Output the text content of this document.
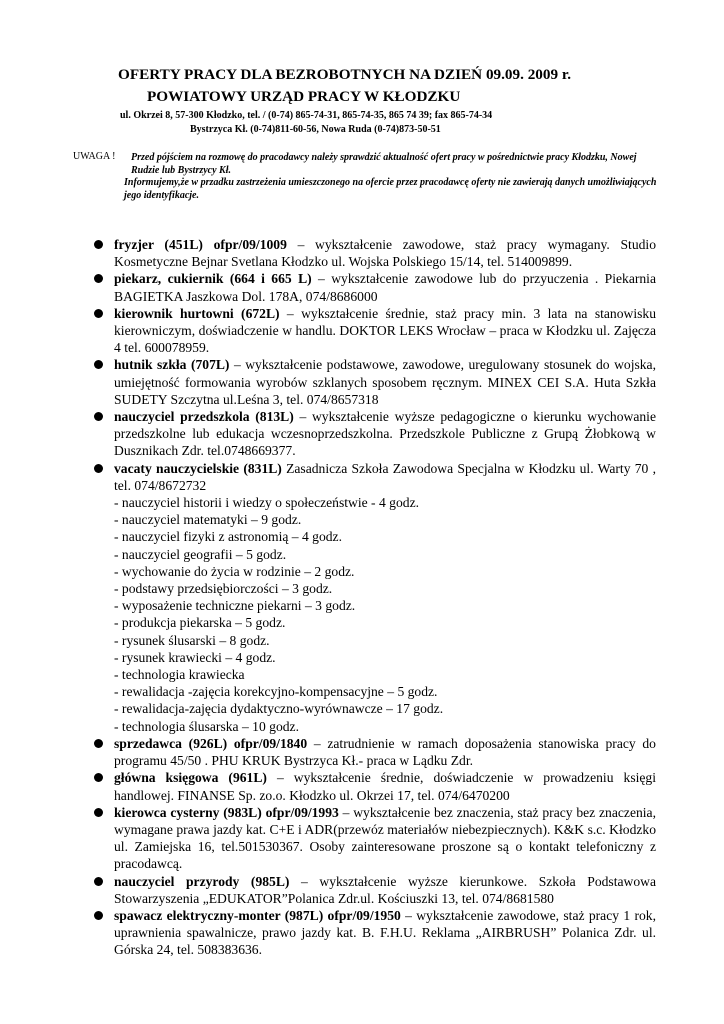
OFERTY PRACY DLA BEZROBOTNYCH NA DZIEŃ 09.09. 2009 r.
POWIATOWY URZĄD PRACY W KŁODZKU
ul. Okrzei 8, 57-300 Kłodzko, tel. / (0-74) 865-74-31, 865-74-35, 865 74 39; fax 865-74-34
Bystrzyca Kł. (0-74)811-60-56, Nowa Ruda (0-74)873-50-51
UWAGA ! Przed pójściem na rozmowę do pracodawcy należy sprawdzić aktualność ofert pracy w pośrednictwie pracy Kłodzku, Nowej Rudzie lub Bystrzycy Kł.
Informujemy,że w przadku zastrzeżenia umieszczonego na ofercie przez pracodawcę oferty nie zawierają danych umożliwiających jego identyfikacje.
fryzjer (451L) ofpr/09/1009 – wykształcenie zawodowe, staż pracy wymagany. Studio Kosmetyczne Bejnar Svetlana Kłodzko ul. Wojska Polskiego 15/14, tel. 514009899.
piekarz, cukiernik (664 i 665 L) – wykształcenie zawodowe lub do przyuczenia . Piekarnia BAGIETKA Jaszkowa Dol. 178A, 074/8686000
kierownik hurtowni (672L) – wykształcenie średnie, staż pracy min. 3 lata na stanowisku kierowniczym, doświadczenie w handlu. DOKTOR LEKS Wrocław – praca w Kłodzku ul. Zajęcza 4 tel. 600078959.
hutnik szkła (707L) – wykształcenie podstawowe, zawodowe, uregulowany stosunek do wojska, umiejętność formowania wyrobów szklanych sposobem ręcznym. MINEX CEI S.A. Huta Szkła SUDETY Szczytna ul.Leśna 3, tel. 074/8657318
nauczyciel przedszkola (813L) – wykształcenie wyższe pedagogiczne o kierunku wychowanie przedszkolne lub edukacja wczesnoprzedszkolna. Przedszkole Publiczne z Grupą Żłobkową w Dusznikach Zdr. tel.0748669377.
vacaty nauczycielskie (831L) Zasadnicza Szkoła Zawodowa Specjalna w Kłodzku ul. Warty 70 , tel. 074/8672732
- nauczyciel historii i wiedzy o społeczeństwie - 4 godz.
- nauczyciel matematyki – 9 godz.
- nauczyciel fizyki z astronomią – 4 godz.
- nauczyciel geografii – 5 godz.
- wychowanie do życia w rodzinie – 2 godz.
- podstawy przedsiębiorczości – 3 godz.
- wyposażenie techniczne piekarni – 3 godz.
- produkcja piekarska – 5 godz.
- rysunek ślusarski – 8 godz.
- rysunek krawiecki – 4 godz.
- technologia krawiecka
- rewalidacja -zajęcia korekcyjno-kompensacyjne – 5 godz.
- rewalidacja-zajęcia dydaktyczno-wyrównawcze – 17 godz.
- technologia ślusarska – 10 godz.
sprzedawca (926L) ofpr/09/1840 – zatrudnienie w ramach doposażenia stanowiska pracy do programu 45/50 . PHU KRUK Bystrzyca Kł.- praca w Lądku Zdr.
główna księgowa (961L) – wykształcenie średnie, doświadczenie w prowadzeniu księgi handlowej. FINANSE Sp. zo.o. Kłodzko ul. Okrzei 17, tel. 074/6470200
kierowca cysterny (983L) ofpr/09/1993 – wykształcenie bez znaczenia, staż pracy bez znaczenia, wymagane prawa jazdy kat. C+E i ADR(przewóz materiałów niebezpiecznych). K&K s.c. Kłodzko ul. Zamiejska 16, tel.501530367. Osoby zainteresowane proszone są o kontakt telefoniczny z pracodawcą.
nauczyciel przyrody (985L) – wykształcenie wyższe kierunkowe. Szkoła Podstawowa Stowarzyszenia „EDUKATOR”Polanica Zdr.ul. Kościuszki 13, tel. 074/8681580
spawacz elektryczny-monter (987L) ofpr/09/1950 – wykształcenie zawodowe, staż pracy 1 rok, uprawnienia spawalnicze, prawo jazdy kat. B. F.H.U. Reklama „AIRBRUSH” Polanica Zdr. ul. Górska 24, tel. 508383636.
